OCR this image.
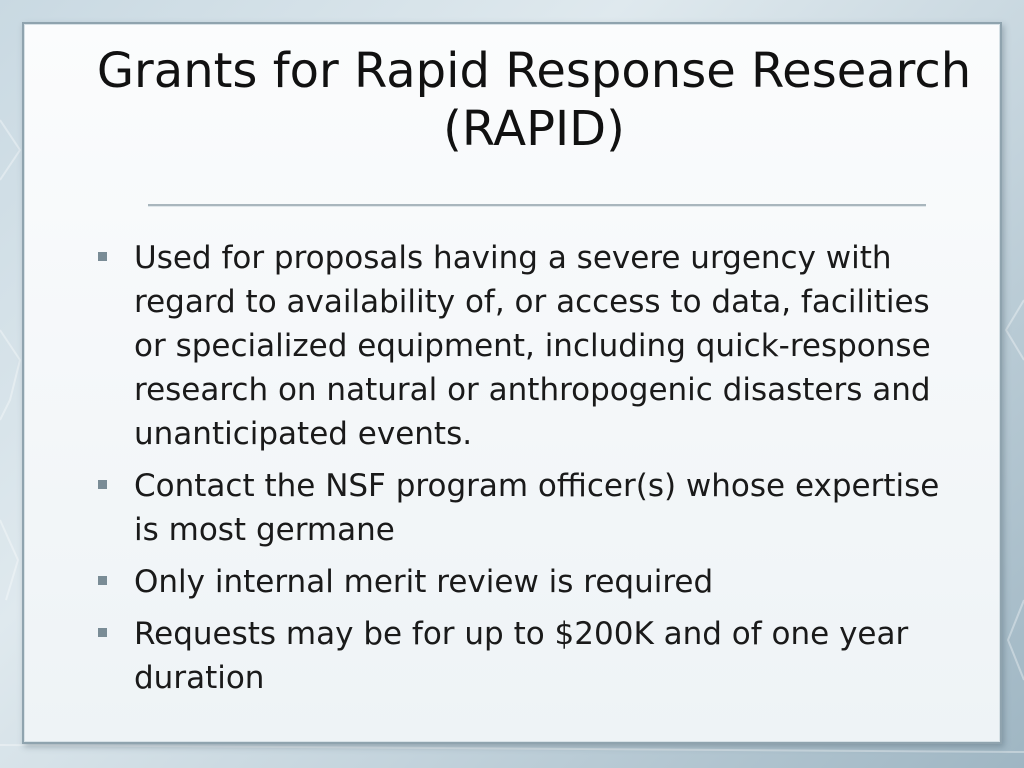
Grants for Rapid Response Research (RAPID)
Used for proposals having a severe urgency with regard to availability of, or access to data, facilities or specialized equipment, including quick-response research on natural or anthropogenic disasters and unanticipated events.
Contact the NSF program officer(s) whose expertise is most germane
Only internal merit review is required
Requests may be for up to $200K and of one year duration
